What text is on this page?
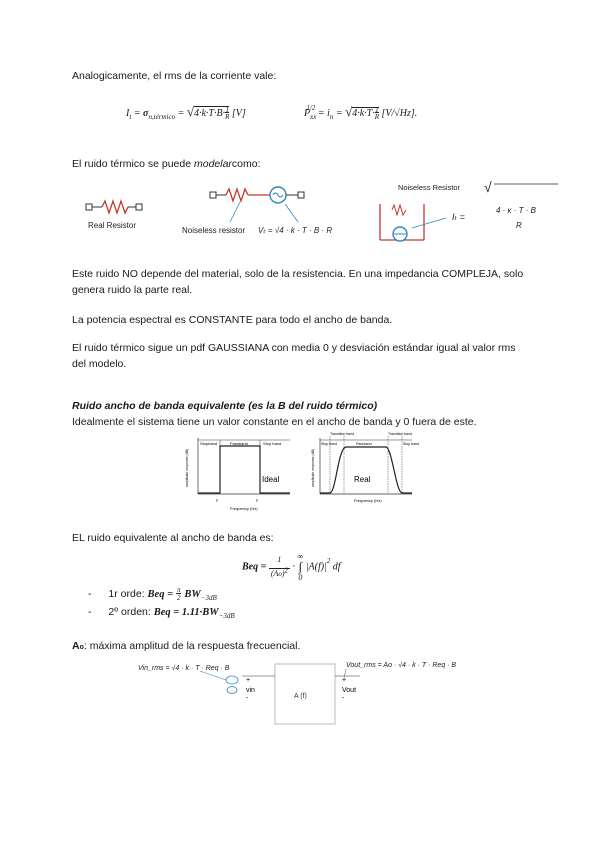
Analogicamente, el rms de la corriente vale:

$I_t = \sigma_{n,térmico} = √4\cdot k\cdot T\cdot B\cdot\frac{1}{R} [V]$	$P_{xx}^{1/2} = i_n = √4\cdot k\cdot T\cdot\frac{1}{R} [V/√Hz]$.

El ruido térmico se puede modelarcomo:

Real Resistor
Noiseless resistor Vₜ = √4 · k · T · B · R
Noiseless Resistor
Iₜ =
√
4 · κ · T · B
R

Este ruido NO depende del material, solo de la resistencia. En una impedancia COMPLEJA, solo genera ruido la parte real.

La potencia espectral es CONSTANTE para todo el ancho de banda.

El ruido térmico sigue un pdf GAUSSIANA con media 0 y desviación estándar igual al valor rms del modelo.

Ruido ancho de banda equivalente (es la B del ruido térmico)

Idealmente el sistema tiene un valor constante en el ancho de banda y 0 fuera de este.

Stopband	Passband	Stop band
Ideal
amplitude response (dB)
F	F
Frequency (Hz)
Transition band	Transition band
Stop band	Passband	Stop band
Real
amplitude response (dB)
Frequency (Hz)

EL ruido equivalente al ancho de banda es:

Beq = $\frac{1}{(Ao)2}$ · ∞
∫
0 $|A(f)|^2$ df
- 1r orde: Beq = $\frac{\pi}{2} BW_{-3dB}$
- 2º orden: Beq = $1.11\cdot BW_{-3dB}$

Ao: máxima amplitud de la respuesta frecuencial.

Vin_rms = √4 · k · T · Req · B	Vout_rms = Ao · √4 · k · T · Req · B
A (f)
+
vin
-
+
Vout
-
